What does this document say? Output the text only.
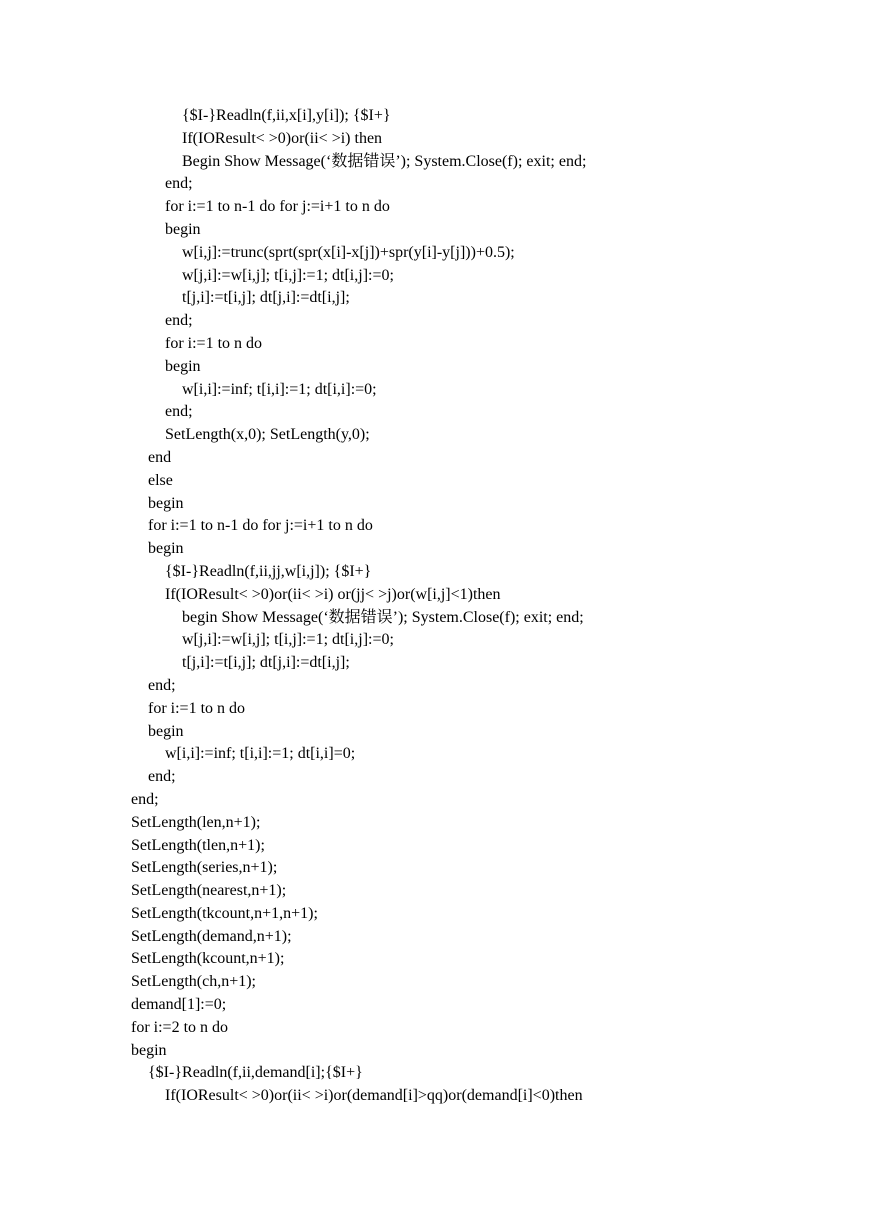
{$I-}Readln(f,ii,x[i],y[i]); {$I+}
If(IOResult< >0)or(ii< >i) then
Begin Show Message(‘数据错误’); System.Close(f); exit; end;
end;
for i:=1 to n-1 do for j:=i+1 to n do
begin
w[i,j]:=trunc(sprt(spr(x[i]-x[j])+spr(y[i]-y[j]))+0.5);
w[j,i]:=w[i,j]; t[i,j]:=1; dt[i,j]:=0;
t[j,i]:=t[i,j]; dt[j,i]:=dt[i,j];
end;
for i:=1 to n do
begin
w[i,i]:=inf; t[i,i]:=1; dt[i,i]:=0;
end;
SetLength(x,0); SetLength(y,0);
end
else
begin
for i:=1 to n-1 do for j:=i+1 to n do
begin
{$I-}Readln(f,ii,jj,w[i,j]); {$I+}
If(IOResult< >0)or(ii< >i) or(jj< >j)or(w[i,j]<1)then
begin Show Message(‘数据错误’); System.Close(f); exit; end;
w[j,i]:=w[i,j]; t[i,j]:=1; dt[i,j]:=0;
t[j,i]:=t[i,j]; dt[j,i]:=dt[i,j];
end;
for i:=1 to n do
begin
w[i,i]:=inf; t[i,i]:=1; dt[i,i]=0;
end;
end;
SetLength(len,n+1);
SetLength(tlen,n+1);
SetLength(series,n+1);
SetLength(nearest,n+1);
SetLength(tkcount,n+1,n+1);
SetLength(demand,n+1);
SetLength(kcount,n+1);
SetLength(ch,n+1);
demand[1]:=0;
for i:=2 to n do
begin
{$I-}Readln(f,ii,demand[i];{$I+}
If(IOResult< >0)or(ii< >i)or(demand[i]>qq)or(demand[i]<0)then
